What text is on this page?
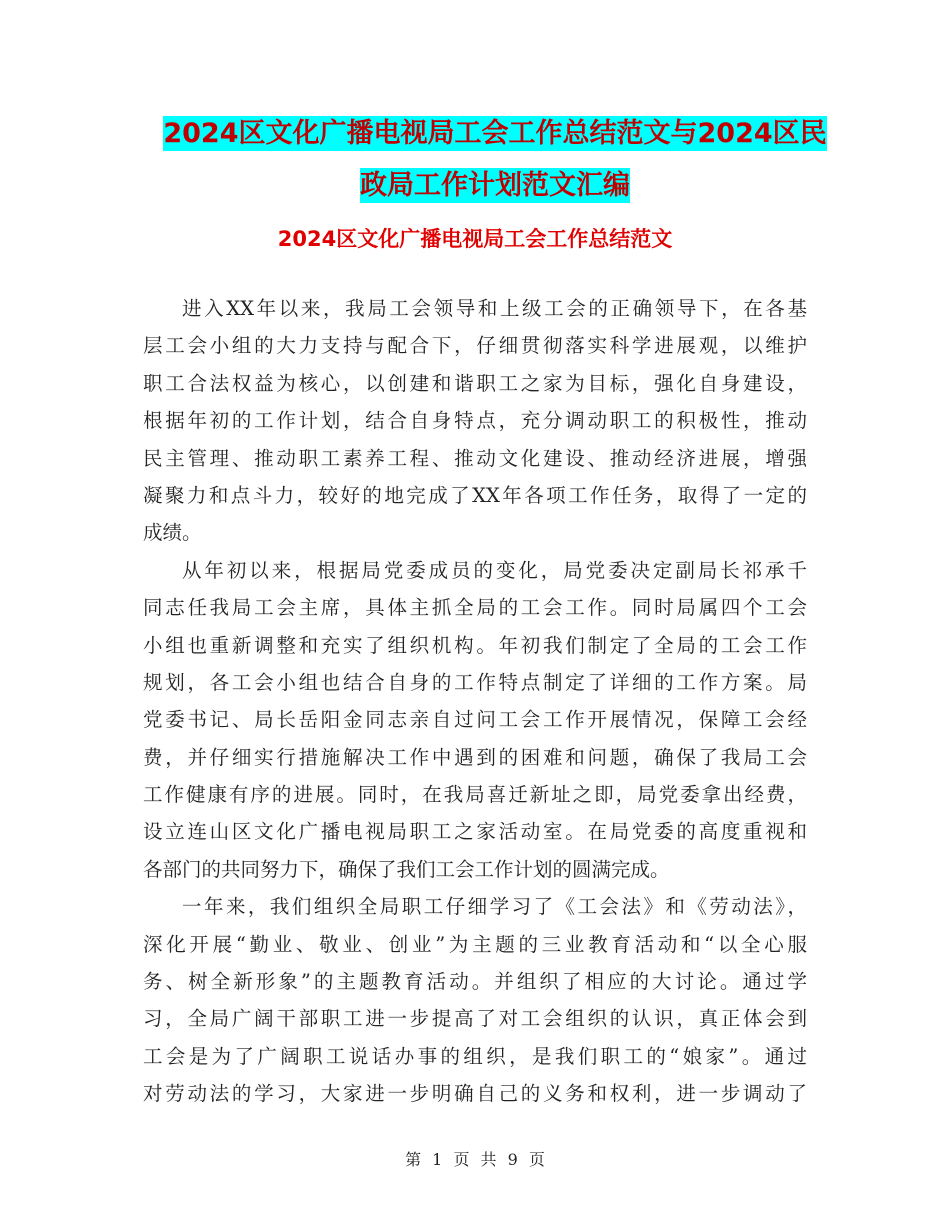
2024区文化广播电视局工会工作总结范文与2024区民
政局工作计划范文汇编
2024区文化广播电视局工会工作总结范文
进入XX年以来，我局工会领导和上级工会的正确领导下，在各基
层工会小组的大力支持与配合下，仔细贯彻落实科学进展观，以维护
职工合法权益为核心，以创建和谐职工之家为目标，强化自身建设，
根据年初的工作计划，结合自身特点，充分调动职工的积极性，推动
民主管理、推动职工素养工程、推动文化建设、推动经济进展，增强
凝聚力和点斗力，较好的地完成了XX年各项工作任务，取得了一定的
成绩。
从年初以来，根据局党委成员的变化，局党委决定副局长祁承千
同志任我局工会主席，具体主抓全局的工会工作。同时局属四个工会
小组也重新调整和充实了组织机构。年初我们制定了全局的工会工作
规划，各工会小组也结合自身的工作特点制定了详细的工作方案。局
党委书记、局长岳阳金同志亲自过问工会工作开展情况，保障工会经
费，并仔细实行措施解决工作中遇到的困难和问题，确保了我局工会
工作健康有序的进展。同时，在我局喜迁新址之即，局党委拿出经费，
设立连山区文化广播电视局职工之家活动室。在局党委的高度重视和
各部门的共同努力下，确保了我们工会工作计划的圆满完成。
一年来，我们组织全局职工仔细学习了《工会法》和《劳动法》，
深化开展“勤业、敬业、创业”为主题的三业教育活动和“以全心服
务、树全新形象”的主题教育活动。并组织了相应的大讨论。通过学
习，全局广阔干部职工进一步提高了对工会组织的认识，真正体会到
工会是为了广阔职工说话办事的组织，是我们职工的“娘家”。通过
对劳动法的学习，大家进一步明确自己的义务和权利，进一步调动了
第 1 页 共 9 页
